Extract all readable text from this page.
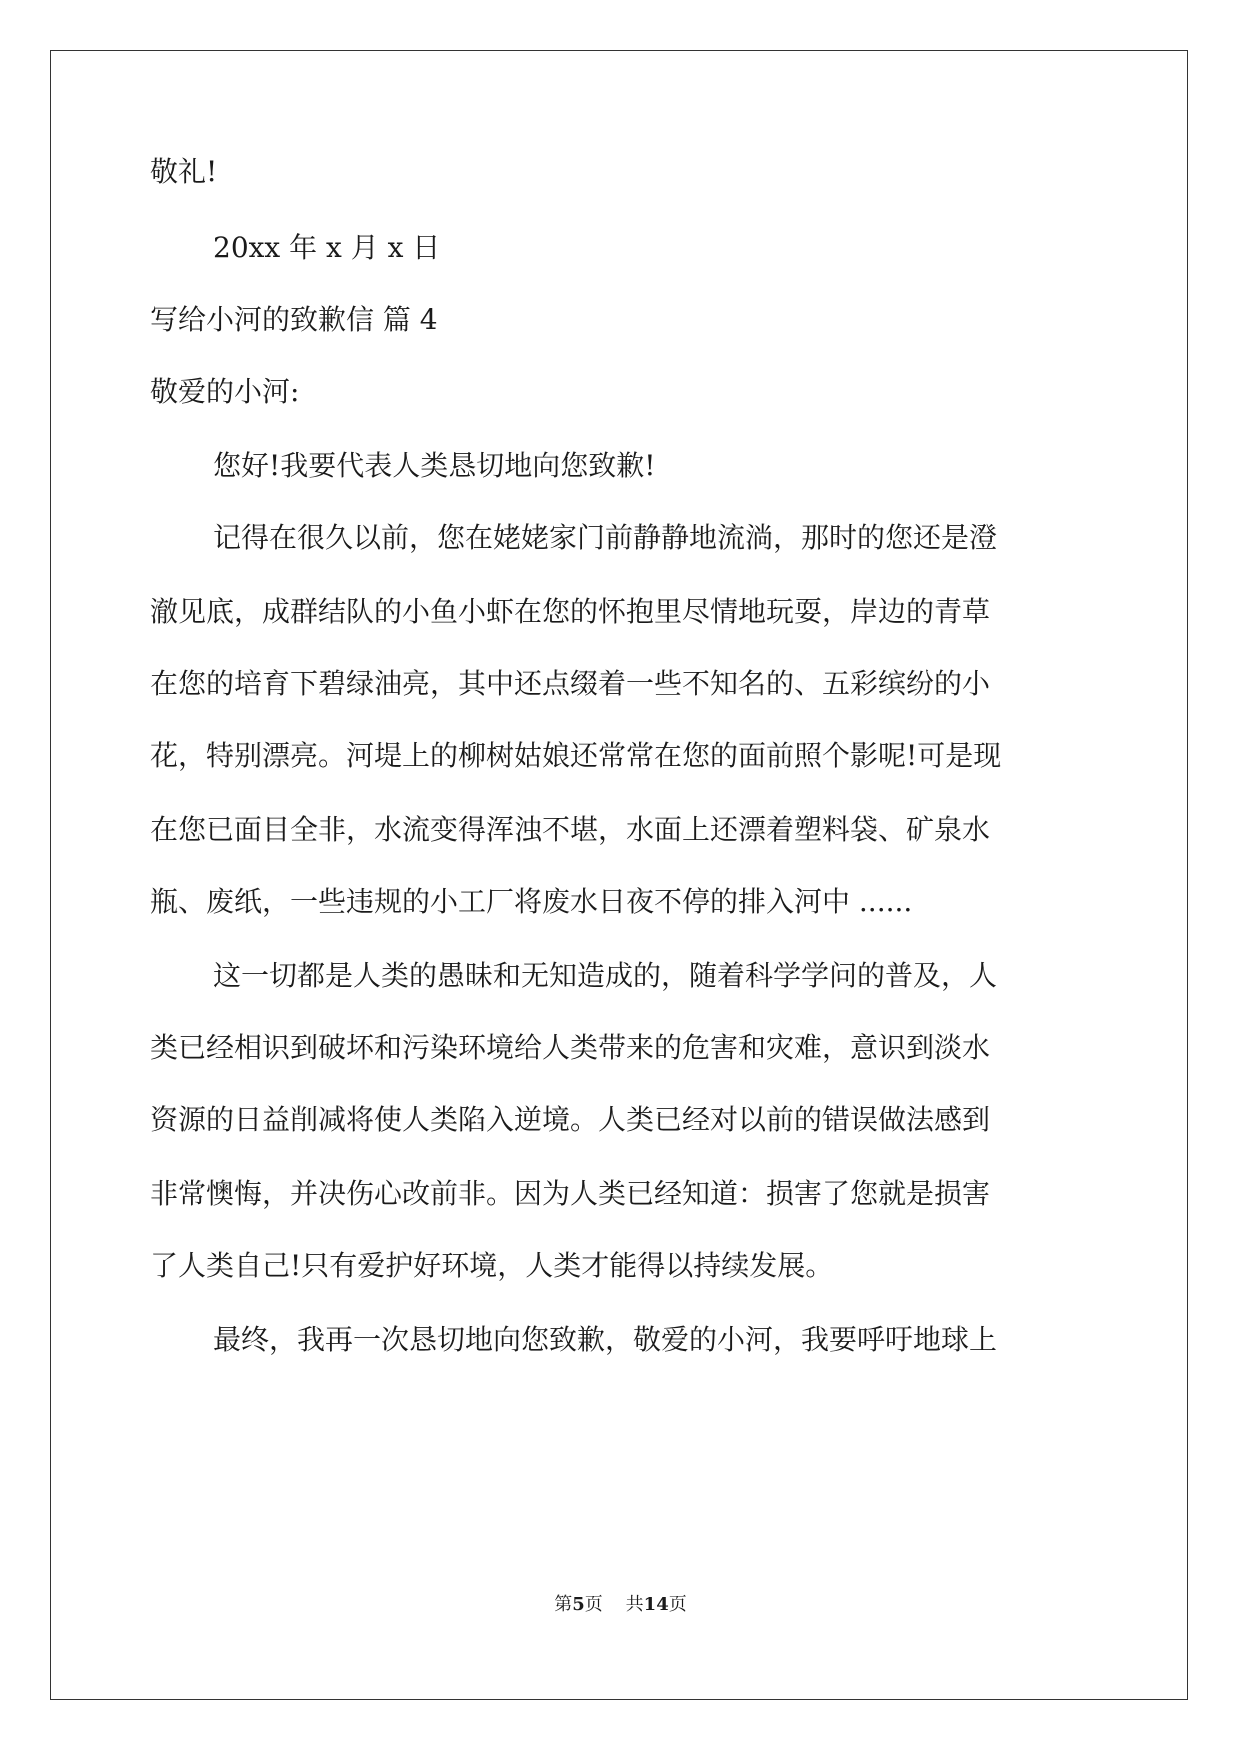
敬礼!
20xx 年 x 月 x 日
写给小河的致歉信 篇 4
敬爱的小河:
您好!我要代表人类恳切地向您致歉!
记得在很久以前，您在姥姥家门前静静地流淌，那时的您还是澄
澈见底，成群结队的小鱼小虾在您的怀抱里尽情地玩耍，岸边的青草
在您的培育下碧绿油亮，其中还点缀着一些不知名的、五彩缤纷的小
花，特别漂亮。河堤上的柳树姑娘还常常在您的面前照个影呢!可是现
在您已面目全非，水流变得浑浊不堪，水面上还漂着塑料袋、矿泉水
瓶、废纸，一些违规的小工厂将废水日夜不停的排入河中 ......
这一切都是人类的愚昧和无知造成的，随着科学学问的普及，人
类已经相识到破坏和污染环境给人类带来的危害和灾难，意识到淡水
资源的日益削减将使人类陷入逆境。人类已经对以前的错误做法感到
非常懊悔，并决伤心改前非。因为人类已经知道：损害了您就是损害
了人类自己!只有爱护好环境，人类才能得以持续发展。
最终，我再一次恳切地向您致歉，敬爱的小河，我要呼吁地球上
第5页 共14页
